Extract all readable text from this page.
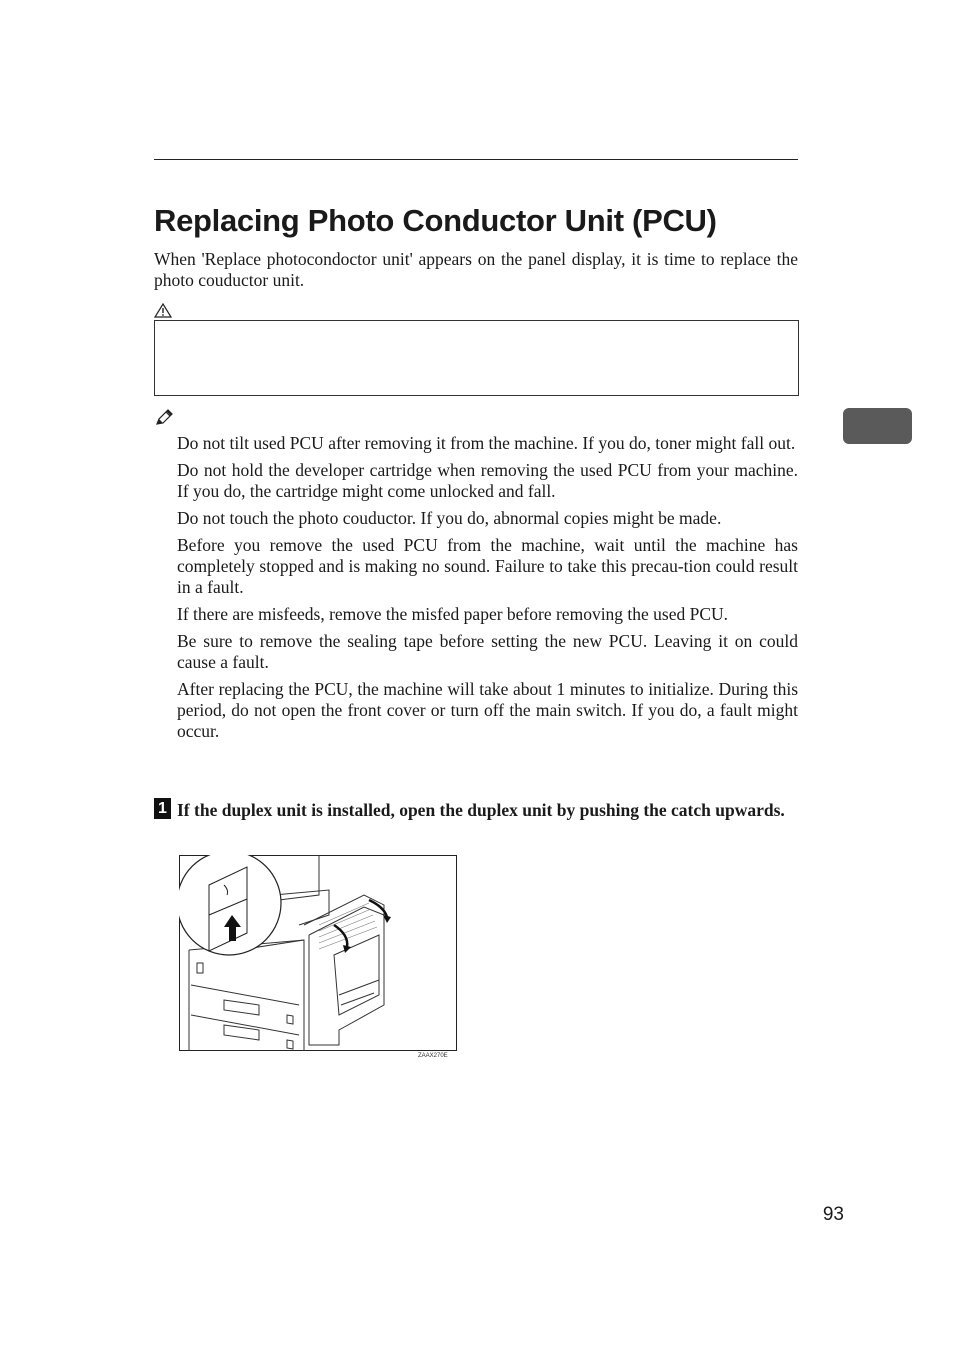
Replacing Photo Conductor Unit (PCU)

When 'Replace photocondoctor unit' appears on the panel display, it is time to replace the photo couductor unit.

Do not tilt used PCU after removing it from the machine. If you do, toner might fall out.
Do not hold the developer cartridge when removing the used PCU from your machine. If you do, the cartridge might come unlocked and fall.
Do not touch the photo couductor. If you do, abnormal copies might be made.
Before you remove the used PCU from the machine, wait until the machine has completely stopped and is making no sound. Failure to take this precau-tion could result in a fault.
If there are misfeeds, remove the misfed paper before removing the used PCU.
Be sure to remove the sealing tape before setting the new PCU. Leaving it on could cause a fault.
After replacing the PCU, the machine will take about 1 minutes to initialize. During this period, do not open the front cover or turn off the main switch. If you do, a fault might occur.
1 If the duplex unit is installed, open the duplex unit by pushing the catch upwards.
ZAAX270E
93
